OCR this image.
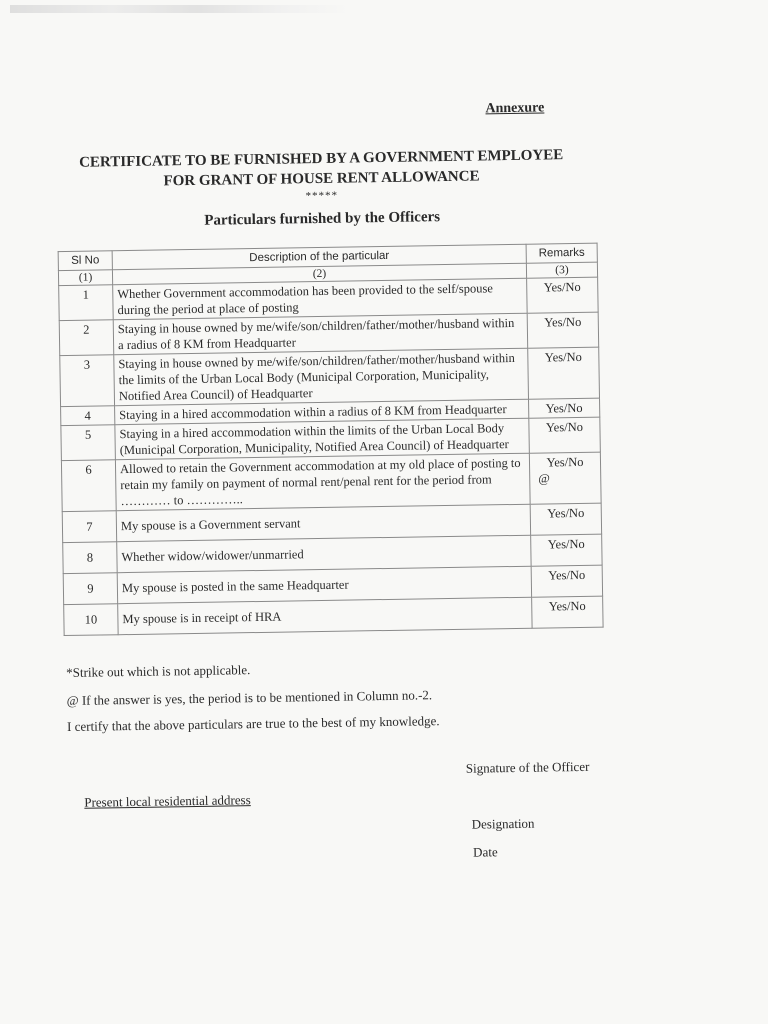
Annexure
CERTIFICATE TO BE FURNISHED BY A GOVERNMENT EMPLOYEE
FOR GRANT OF HOUSE RENT ALLOWANCE
*****
Particulars furnished by the Officers
Sl No	Description of the particular	Remarks
(1)	(2)	(3)
1	Whether Government accommodation has been provided to the self/spouse during the period at place of posting	Yes/No
2	Staying in house owned by me/wife/son/children/father/mother/husband within a radius of 8 KM from Headquarter	Yes/No
3	Staying in house owned by me/wife/son/children/father/mother/husband within the limits of the Urban Local Body (Municipal Corporation, Municipality, Notified Area Council) of Headquarter	Yes/No
4	Staying in a hired accommodation within a radius of 8 KM from Headquarter	Yes/No
5	Staying in a hired accommodation within the limits of the Urban Local Body (Municipal Corporation, Municipality, Notified Area Council) of Headquarter	Yes/No
6	Allowed to retain the Government accommodation at my old place of posting to retain my family on payment of normal rent/penal rent for the period from ………… to …………..	Yes/No
@

7	My spouse is a Government servant	Yes/No
8	Whether widow/widower/unmarried	Yes/No
9	My spouse is posted in the same Headquarter	Yes/No
10	My spouse is in receipt of HRA	Yes/No
*Strike out which is not applicable.
@ If the answer is yes, the period is to be mentioned in Column no.-2.
I certify that the above particulars are true to the best of my knowledge.
Signature of the Officer
Present local residential address
Designation
Date
